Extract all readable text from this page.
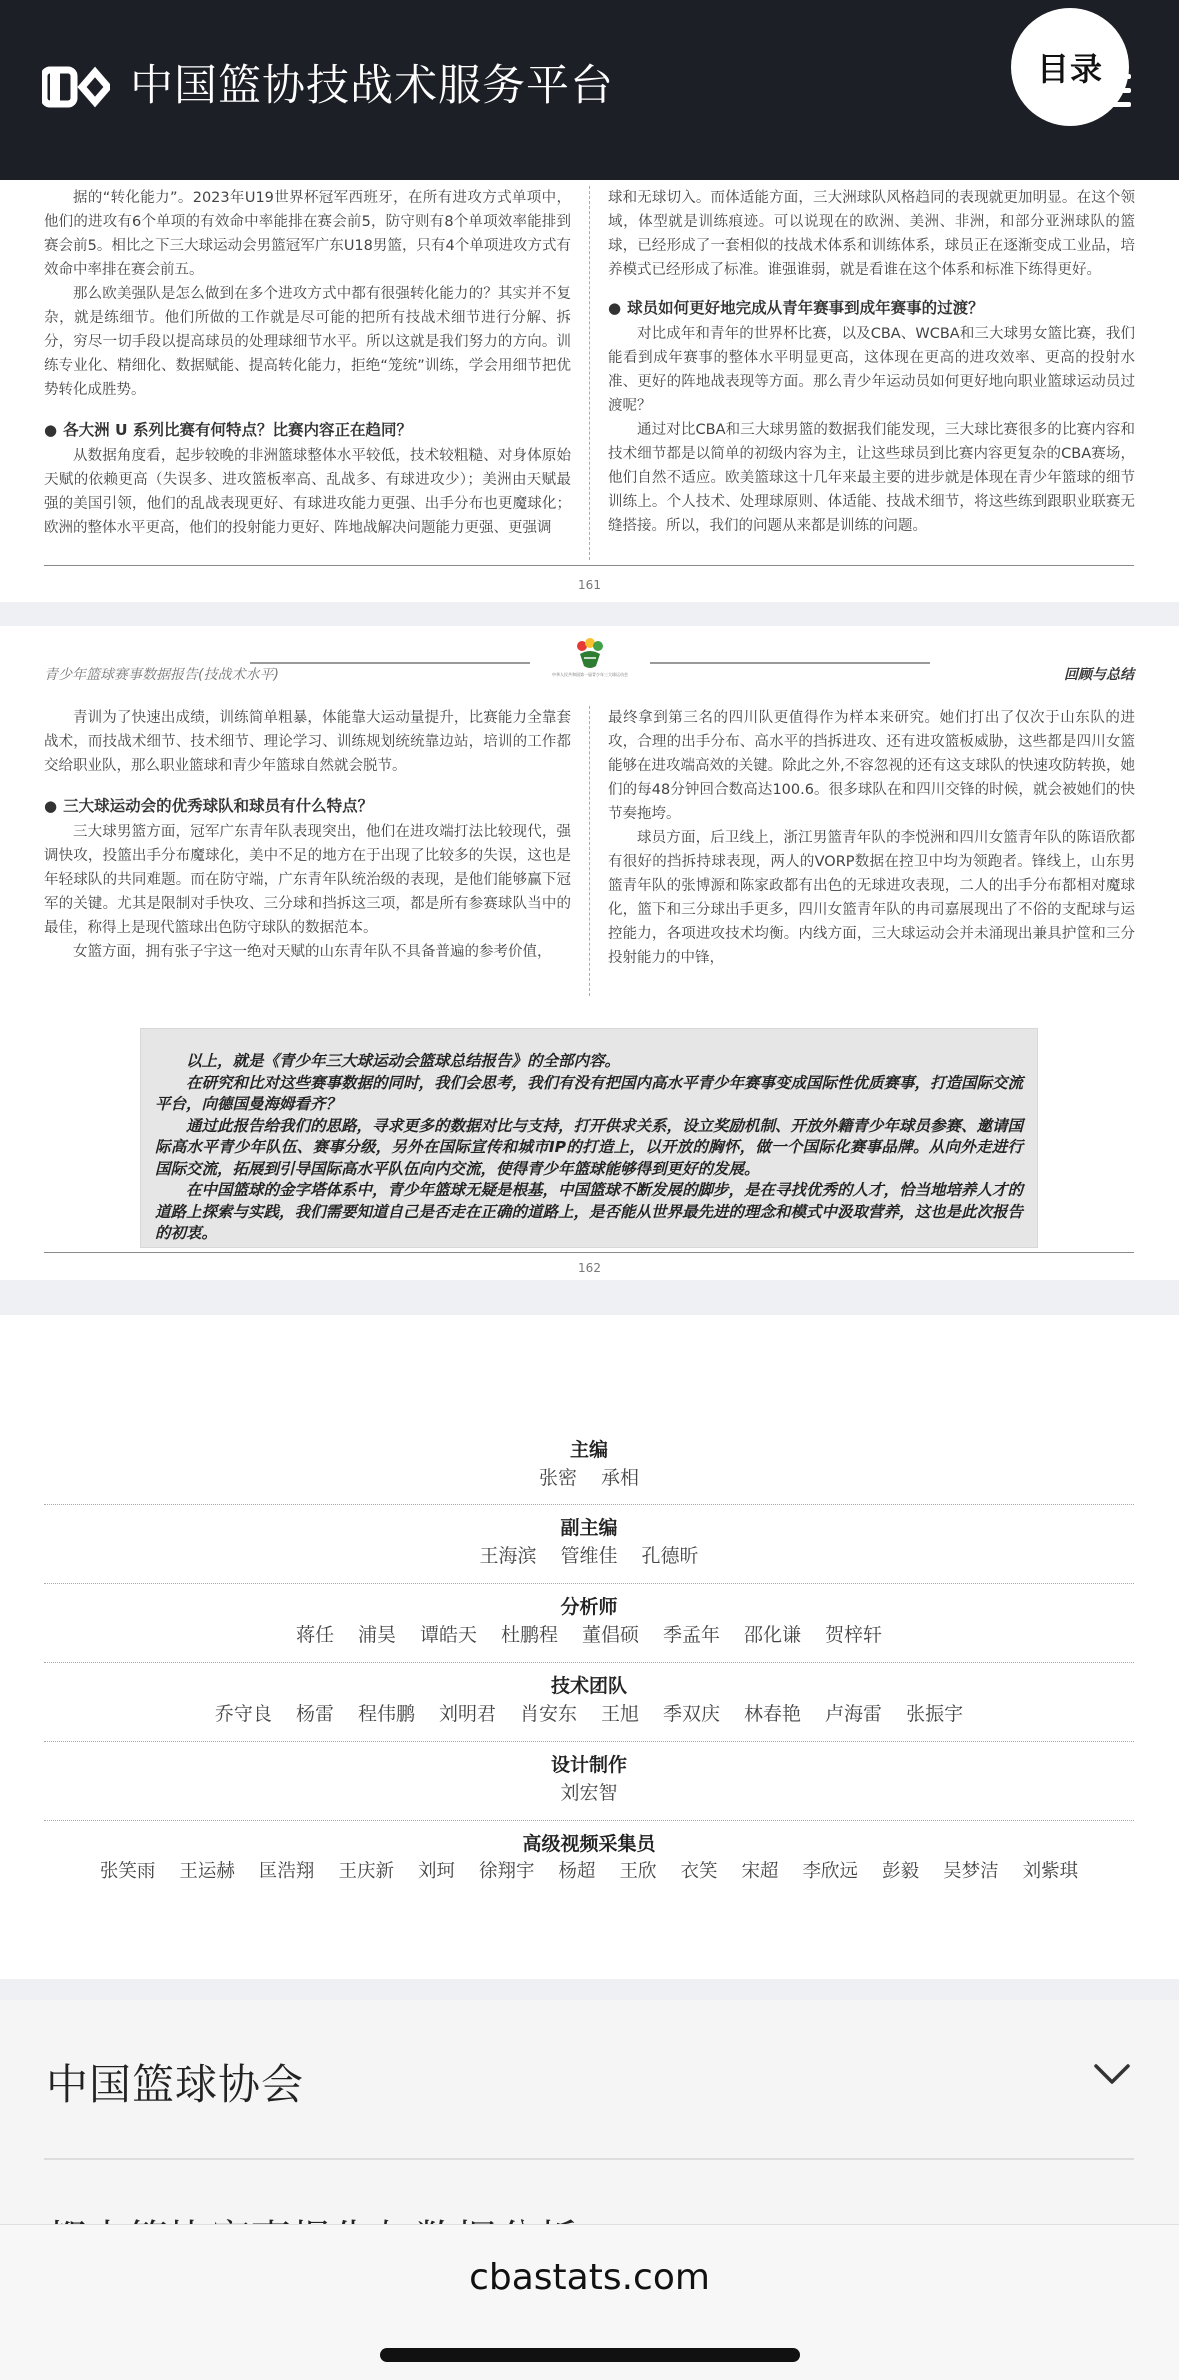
据的“转化能力”。2023年U19世界杯冠军西班牙，在所有进攻方式单项中，他们的进攻有6个单项的有效命中率能排在赛会前5，防守则有8个单项效率能排到赛会前5。相比之下三大球运动会男篮冠军广东U18男篮，只有4个单项进攻方式有效命中率排在赛会前五。

那么欧美强队是怎么做到在多个进攻方式中都有很强转化能力的？其实并不复杂，就是练细节。他们所做的工作就是尽可能的把所有技战术细节进行分解、拆分，穷尽一切手段以提高球员的处理球细节水平。所以这就是我们努力的方向。训练专业化、精细化、数据赋能、提高转化能力，拒绝“笼统”训练，学会用细节把优势转化成胜势。

● 各大洲 U 系列比赛有何特点？比赛内容正在趋同？

从数据角度看，起步较晚的非洲篮球整体水平较低，技术较粗糙、对身体原始天赋的依赖更高（失误多、进攻篮板率高、乱战多、有球进攻少）；美洲由天赋最强的美国引领，他们的乱战表现更好、有球进攻能力更强、出手分布也更魔球化；欧洲的整体水平更高，他们的投射能力更好、阵地战解决问题能力更强、更强调

球和无球切入。而体适能方面，三大洲球队风格趋同的表现就更加明显。在这个领域，体型就是训练痕迹。可以说现在的欧洲、美洲、非洲，和部分亚洲球队的篮球，已经形成了一套相似的技战术体系和训练体系，球员正在逐渐变成工业品，培养模式已经形成了标准。谁强谁弱，就是看谁在这个体系和标准下练得更好。

● 球员如何更好地完成从青年赛事到成年赛事的过渡？

对比成年和青年的世界杯比赛，以及CBA、WCBA和三大球男女篮比赛，我们能看到成年赛事的整体水平明显更高，这体现在更高的进攻效率、更高的投射水准、更好的阵地战表现等方面。那么青少年运动员如何更好地向职业篮球运动员过渡呢？

通过对比CBA和三大球男篮的数据我们能发现，三大球比赛很多的比赛内容和技术细节都是以简单的初级内容为主，让这些球员到比赛内容更复杂的CBA赛场，他们自然不适应。欧美篮球这十几年来最主要的进步就是体现在青少年篮球的细节训练上。个人技术、处理球原则、体适能、技战术细节，将这些练到跟职业联赛无缝搭接。所以，我们的问题从来都是训练的问题。

161
中国篮协技战术服务平台	目录
青少年篮球赛事数据报告(技战术水平)	中华人民共和国第一届青少年三大球运动会	回顾与总结

青训为了快速出成绩，训练简单粗暴，体能靠大运动量提升，比赛能力全靠套战术，而技战术细节、技术细节、理论学习、训练规划统统靠边站，培训的工作都交给职业队，那么职业篮球和青少年篮球自然就会脱节。

● 三大球运动会的优秀球队和球员有什么特点？

三大球男篮方面，冠军广东青年队表现突出，他们在进攻端打法比较现代，强调快攻，投篮出手分布魔球化，美中不足的地方在于出现了比较多的失误，这也是年轻球队的共同难题。而在防守端，广东青年队统治级的表现，是他们能够赢下冠军的关键。尤其是限制对手快攻、三分球和挡拆这三项，都是所有参赛球队当中的最佳，称得上是现代篮球出色防守球队的数据范本。

女篮方面，拥有张子宇这一绝对天赋的山东青年队不具备普遍的参考价值，

最终拿到第三名的四川队更值得作为样本来研究。她们打出了仅次于山东队的进攻，合理的出手分布、高水平的挡拆进攻、还有进攻篮板威胁，这些都是四川女篮能够在进攻端高效的关键。除此之外,不容忽视的还有这支球队的快速攻防转换，她们的每48分钟回合数高达100.6。很多球队在和四川交锋的时候，就会被她们的快节奏拖垮。

球员方面，后卫线上，浙江男篮青年队的李悦洲和四川女篮青年队的陈语欣都有很好的挡拆持球表现，两人的VORP数据在控卫中均为领跑者。锋线上，山东男篮青年队的张博源和陈家政都有出色的无球进攻表现，二人的出手分布都相对魔球化，篮下和三分球出手更多，四川女篮青年队的冉司嘉展现出了不俗的支配球与运控能力，各项进攻技术均衡。内线方面，三大球运动会并未涌现出兼具护筐和三分投射能力的中锋，

以上，就是《青少年三大球运动会篮球总结报告》的全部内容。

在研究和比对这些赛事数据的同时，我们会思考，我们有没有把国内高水平青少年赛事变成国际性优质赛事，打造国际交流平台，向德国曼海姆看齐？

通过此报告给我们的思路，寻求更多的数据对比与支持，打开供求关系，设立奖励机制、开放外籍青少年球员参赛、邀请国际高水平青少年队伍、赛事分级，另外在国际宣传和城市IP的打造上，以开放的胸怀，做一个国际化赛事品牌。从向外走进行国际交流，拓展到引导国际高水平队伍向内交流，使得青少年篮球能够得到更好的发展。

在中国篮球的金字塔体系中，青少年篮球无疑是根基，中国篮球不断发展的脚步，是在寻找优秀的人才，恰当地培养人才的道路上探索与实践，我们需要知道自己是否走在正确的道路上，是否能从世界最先进的理念和模式中汲取营养，这也是此次报告的初衷。

162
主编
张密 承相
副主编
王海滨 管维佳 孔德昕
分析师
蒋任 浦昊 谭皓天 杜鹏程 董倡硕 季孟年 邵化谦 贺梓轩
技术团队
乔守良 杨雷 程伟鹏 刘明君 肖安东 王旭 季双庆 林春艳 卢海雷 张振宇
设计制作
刘宏智
高级视频采集员
张笑雨 王运赫 匡浩翔 王庆新 刘珂 徐翔宇 杨超 王欣 衣笑 宋超 李欣远 彭毅 吴梦洁 刘紫琪
中国篮球协会
cbastats.com
